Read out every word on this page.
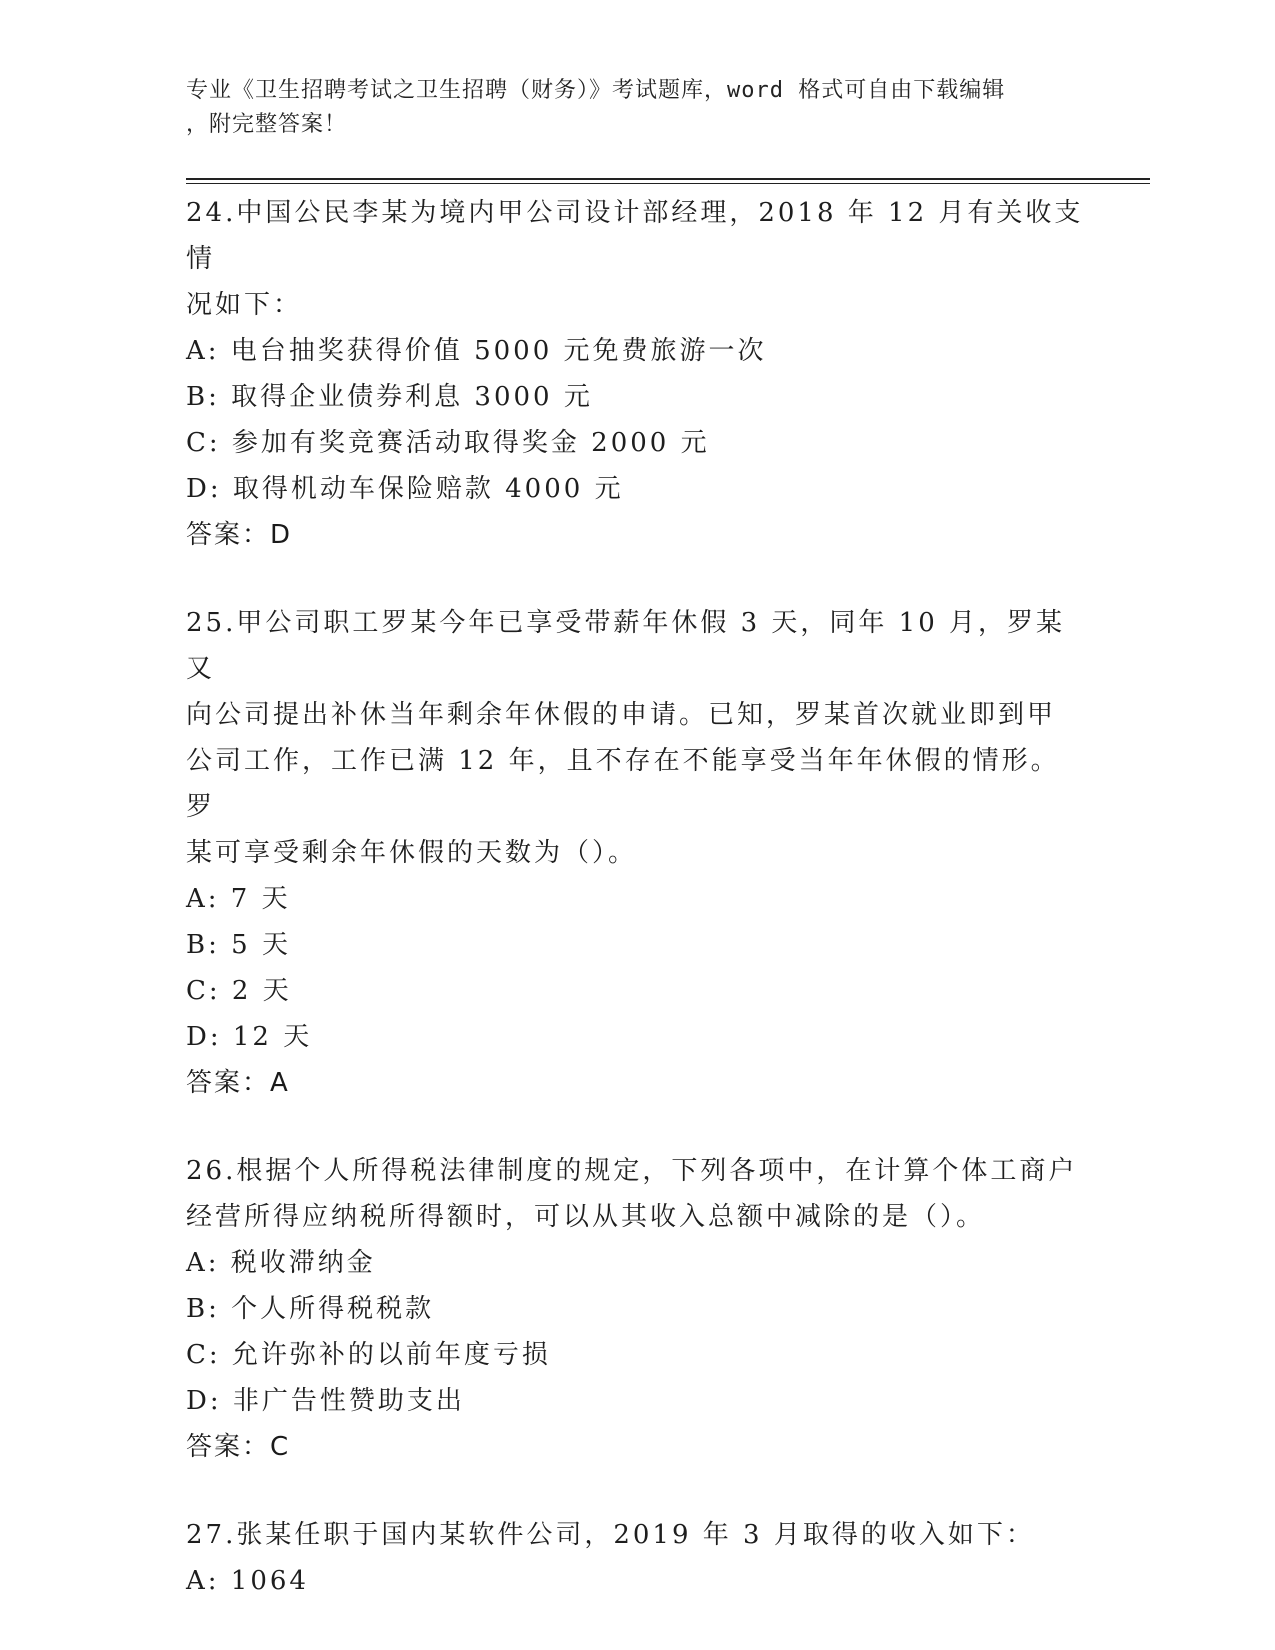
专业《卫生招聘考试之卫生招聘（财务）》考试题库，word 格式可自由下载编辑
，附完整答案！

24.中国公民李某为境内甲公司设计部经理，2018 年 12 月有关收支情

况如下：

A: 电台抽奖获得价值 5000 元免费旅游一次

B: 取得企业债券利息 3000 元

C: 参加有奖竞赛活动取得奖金 2000 元

D: 取得机动车保险赔款 4000 元

答案：D

25.甲公司职工罗某今年已享受带薪年休假 3 天，同年 10 月，罗某又

向公司提出补休当年剩余年休假的申请。已知，罗某首次就业即到甲

公司工作，工作已满 12 年，且不存在不能享受当年年休假的情形。罗

某可享受剩余年休假的天数为（）。

A: 7 天

B: 5 天

C: 2 天

D: 12 天

答案：A

26.根据个人所得税法律制度的规定，下列各项中，在计算个体工商户

经营所得应纳税所得额时，可以从其收入总额中减除的是（）。

A: 税收滞纳金

B: 个人所得税税款

C: 允许弥补的以前年度亏损

D: 非广告性赞助支出

答案：C

27.张某任职于国内某软件公司，2019 年 3 月取得的收入如下：

A: 1064
